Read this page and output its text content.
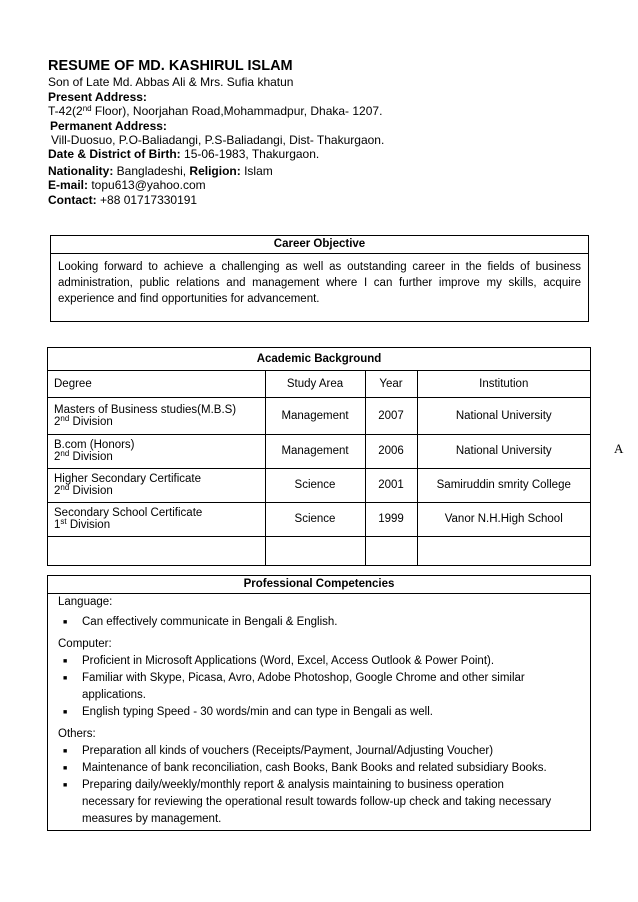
RESUME OF MD. KASHIRUL ISLAM
Son of Late Md. Abbas Ali & Mrs. Sufia khatun
Present Address:
T-42(2nd Floor), Noorjahan Road,Mohammadpur, Dhaka- 1207.
Permanent Address:
Vill-Duosuo, P.O-Baliadangi, P.S-Baliadangi, Dist- Thakurgaon.
Date & District of Birth: 15-06-1983, Thakurgaon.
Nationality: Bangladeshi, Religion: Islam
E-mail: topu613@yahoo.com
Contact: +88 01717330191
Career Objective
Looking forward to achieve a challenging as well as outstanding career in the fields of business administration, public relations and management where I can further improve my skills, acquire experience and find opportunities for advancement.
Academic Background
Degree	Study Area	Year	Institution
Masters of Business studies(M.B.S)
2nd Division	Management	2007	National University
B.com (Honors)
2nd Division	Management	2006	National University
Higher Secondary Certificate
2nd Division	Science	2001	Samiruddin smrity College
Secondary School Certificate
1st Division	Science	1999	Vanor N.H.High School

Professional Competencies
Language:
■ Can effectively communicate in Bengali & English.
Computer:
■ Proficient in Microsoft Applications (Word, Excel, Access Outlook & Power Point).
■ Familiar with Skype, Picasa, Avro, Adobe Photoshop, Google Chrome and other similar applications.
■ English typing Speed - 30 words/min and can type in Bengali as well.
Others:
■ Preparation all kinds of vouchers (Receipts/Payment, Journal/Adjusting Voucher)
■ Maintenance of bank reconciliation, cash Books, Bank Books and related subsidiary Books.
■ Preparing daily/weekly/monthly report & analysis maintaining to business operation necessary for reviewing the operational result towards follow-up check and taking necessary measures by management.
A
